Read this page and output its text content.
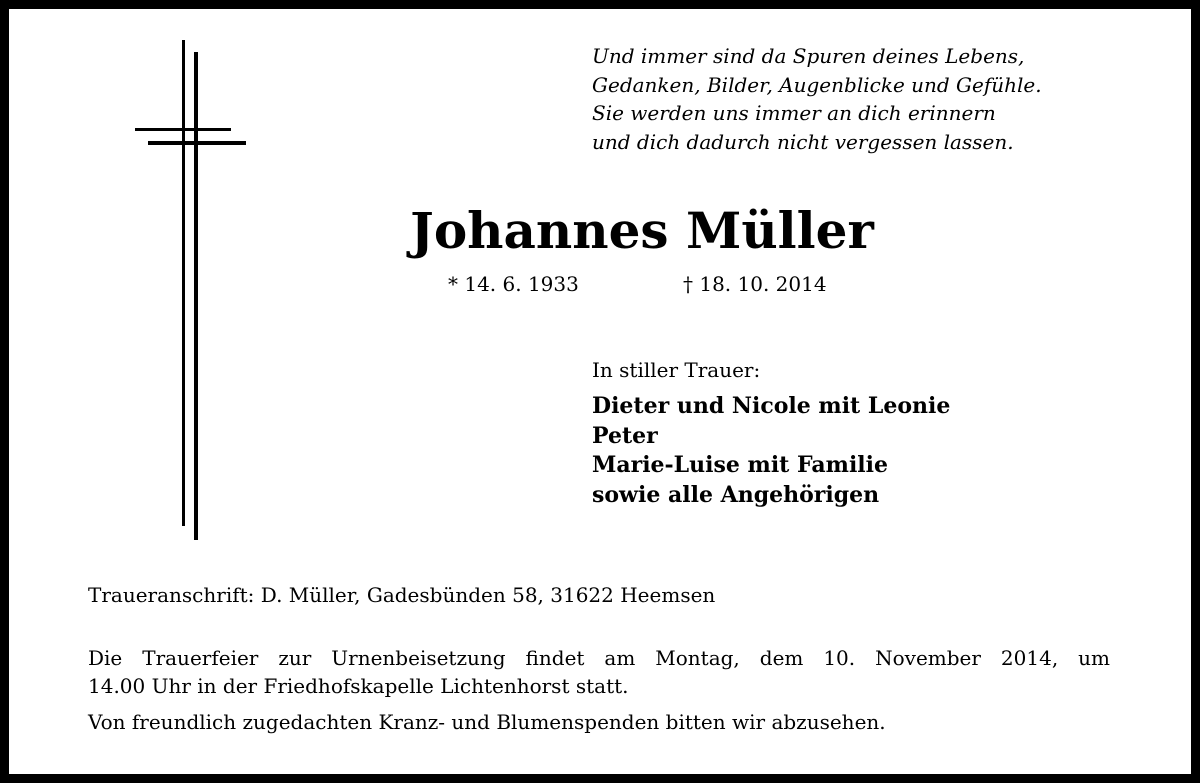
Und immer sind da Spuren deines Lebens,
Gedanken, Bilder, Augenblicke und Gefühle.
Sie werden uns immer an dich erinnern
und dich dadurch nicht vergessen lassen.
Johannes Müller
* 14. 6. 1933	† 18. 10. 2014
In stiller Trauer:
Dieter und Nicole mit Leonie
Peter
Marie-Luise mit Familie
sowie alle Angehörigen
Traueranschrift: D. Müller, Gadesbünden 58, 31622 Heemsen
Die Trauerfeier zur Urnenbeisetzung findet am Montag, dem 10. November 2014, um
14.00 Uhr in der Friedhofskapelle Lichtenhorst statt.
Von freundlich zugedachten Kranz- und Blumenspenden bitten wir abzusehen.
